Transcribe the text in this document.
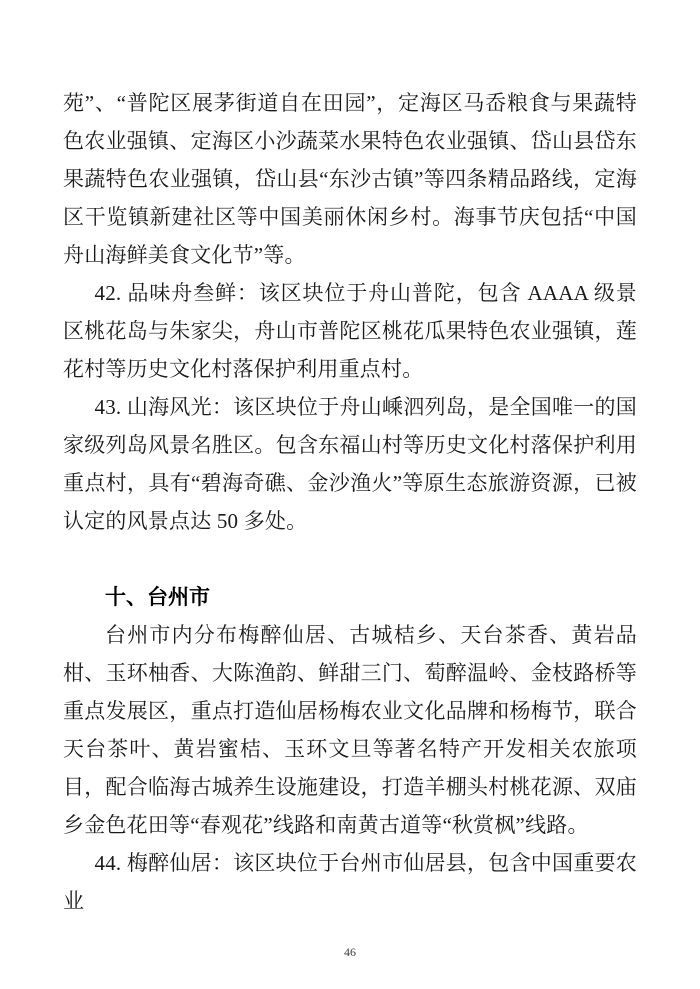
苑”、“普陀区展茅街道自在田园”，定海区马岙粮食与果蔬特色农业强镇、定海区小沙蔬菜水果特色农业强镇、岱山县岱东果蔬特色农业强镇，岱山县“东沙古镇”等四条精品路线，定海区干览镇新建社区等中国美丽休闲乡村。海事节庆包括“中国舟山海鲜美食文化节”等。

42. 品味舟叁鲜：该区块位于舟山普陀，包含 AAAA 级景区桃花岛与朱家尖，舟山市普陀区桃花瓜果特色农业强镇，莲花村等历史文化村落保护利用重点村。

43. 山海风光：该区块位于舟山嵊泗列岛，是全国唯一的国家级列岛风景名胜区。包含东福山村等历史文化村落保护利用重点村，具有“碧海奇礁、金沙渔火”等原生态旅游资源，已被认定的风景点达 50 多处。

十、台州市

台州市内分布梅醉仙居、古城桔乡、天台茶香、黄岩品柑、玉环柚香、大陈渔韵、鲜甜三门、萄醉温岭、金枝路桥等重点发展区，重点打造仙居杨梅农业文化品牌和杨梅节，联合天台茶叶、黄岩蜜桔、玉环文旦等著名特产开发相关农旅项目，配合临海古城养生设施建设，打造羊棚头村桃花源、双庙乡金色花田等“春观花”线路和南黄古道等“秋赏枫”线路。

44. 梅醉仙居：该区块位于台州市仙居县，包含中国重要农业

46
